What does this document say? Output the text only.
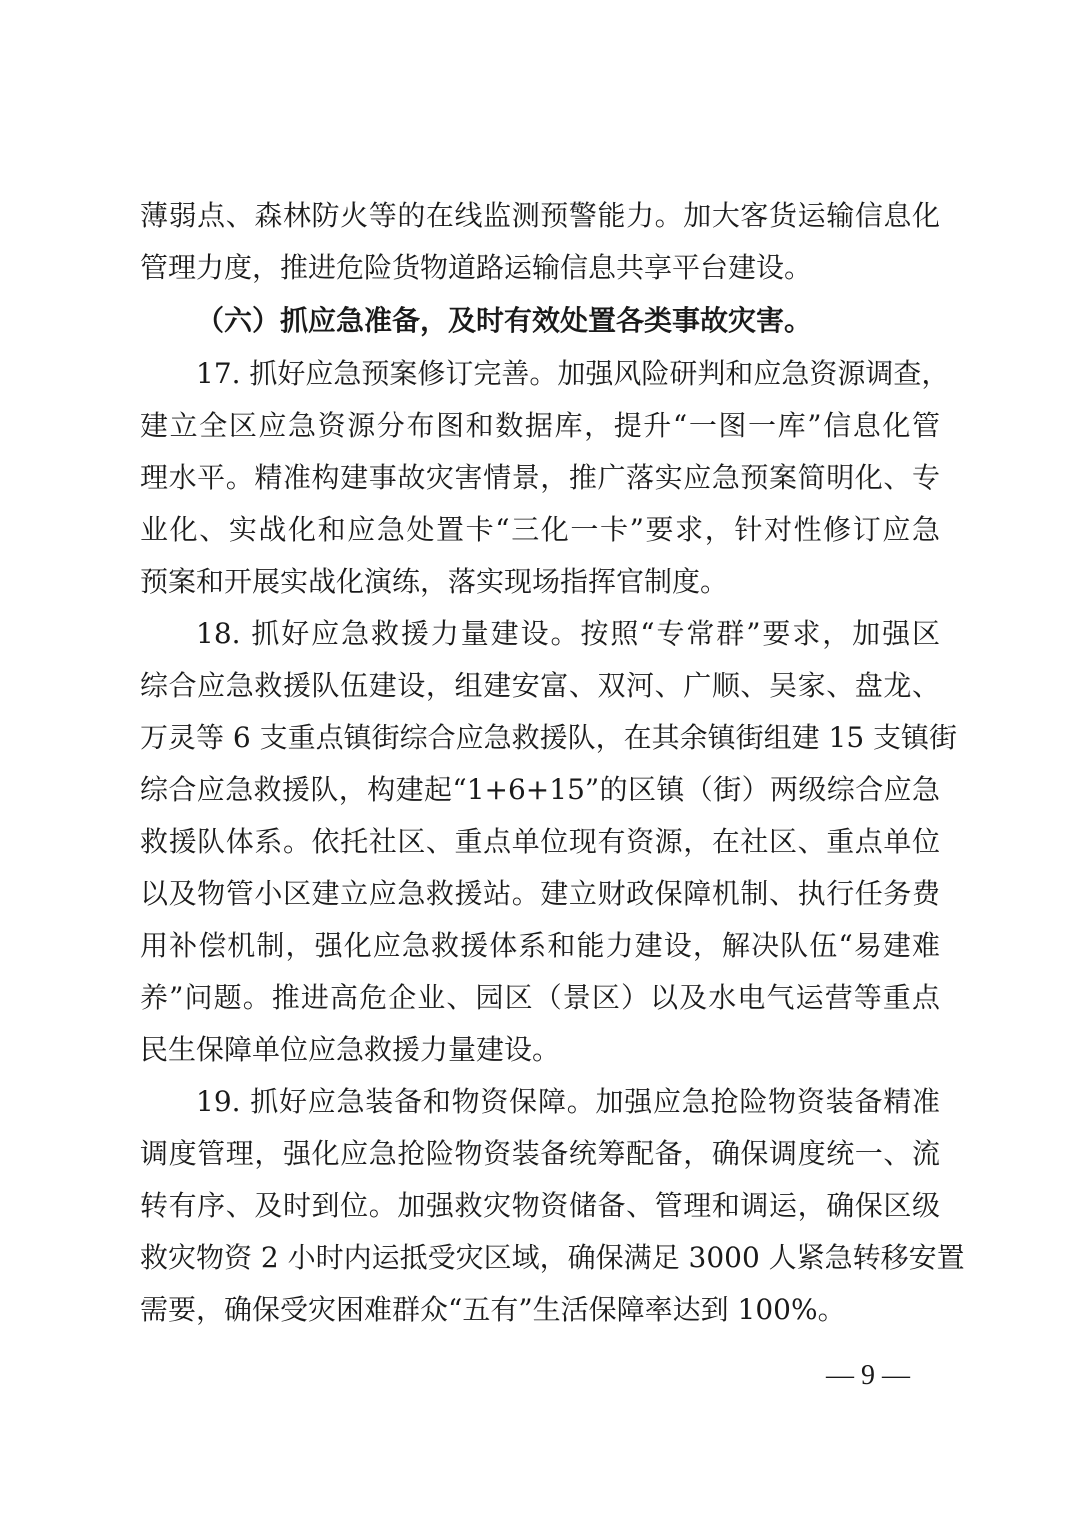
薄弱点、森林防火等的在线监测预警能力。加大客货运输信息化
管理力度，推进危险货物道路运输信息共享平台建设。
（六）抓应急准备，及时有效处置各类事故灾害。
17. 抓好应急预案修订完善。加强风险研判和应急资源调查，
建立全区应急资源分布图和数据库，提升“一图一库”信息化管
理水平。精准构建事故灾害情景，推广落实应急预案简明化、专
业化、实战化和应急处置卡“三化一卡”要求，针对性修订应急
预案和开展实战化演练，落实现场指挥官制度。
18. 抓好应急救援力量建设。按照“专常群”要求，加强区
综合应急救援队伍建设，组建安富、双河、广顺、吴家、盘龙、
万灵等 6 支重点镇街综合应急救援队，在其余镇街组建 15 支镇街
综合应急救援队，构建起“1+6+15”的区镇（街）两级综合应急
救援队体系。依托社区、重点单位现有资源，在社区、重点单位
以及物管小区建立应急救援站。建立财政保障机制、执行任务费
用补偿机制，强化应急救援体系和能力建设，解决队伍“易建难
养”问题。推进高危企业、园区（景区）以及水电气运营等重点
民生保障单位应急救援力量建设。
19. 抓好应急装备和物资保障。加强应急抢险物资装备精准
调度管理，强化应急抢险物资装备统筹配备，确保调度统一、流
转有序、及时到位。加强救灾物资储备、管理和调运，确保区级
救灾物资 2 小时内运抵受灾区域，确保满足 3000 人紧急转移安置
需要，确保受灾困难群众“五有”生活保障率达到 100%。
— 9 —
